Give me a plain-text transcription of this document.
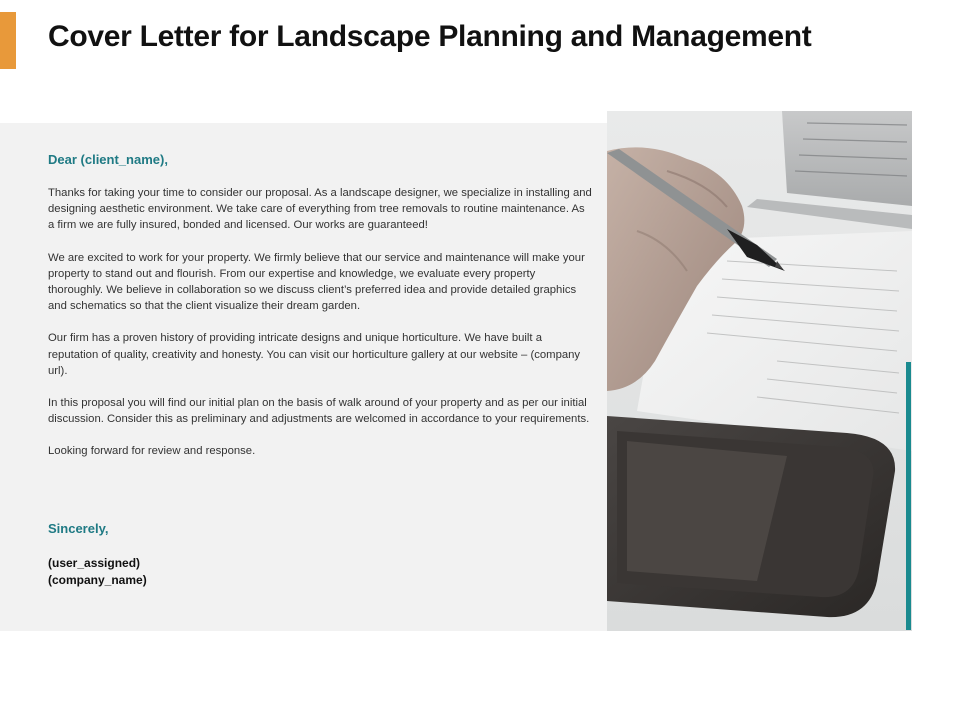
Cover Letter for Landscape Planning and Management
Dear (client_name),

Thanks for taking your time to consider our proposal. As a landscape designer, we specialize in installing and designing aesthetic environment. We take care of everything from tree removals to routine maintenance. As a firm we are fully insured, bonded and licensed. Our works are guaranteed!

We are excited to work for your property. We firmly believe that our service and maintenance will make your property to stand out and flourish. From our expertise and knowledge, we evaluate every property thoroughly. We believe in collaboration so we discuss client’s preferred idea and provide detailed graphics and schematics so that the client visualize their dream garden.

Our firm has a proven history of providing intricate designs and unique horticulture. We have built a reputation of quality, creativity and honesty. You can visit our horticulture gallery at our website – (company url).

In this proposal you will find our initial plan on the basis of walk around of your property and as per our initial discussion. Consider this as preliminary and adjustments are welcomed in accordance to your requirements.

Looking forward for review and response.

Sincerely,
(user_assigned)
(company_name)
